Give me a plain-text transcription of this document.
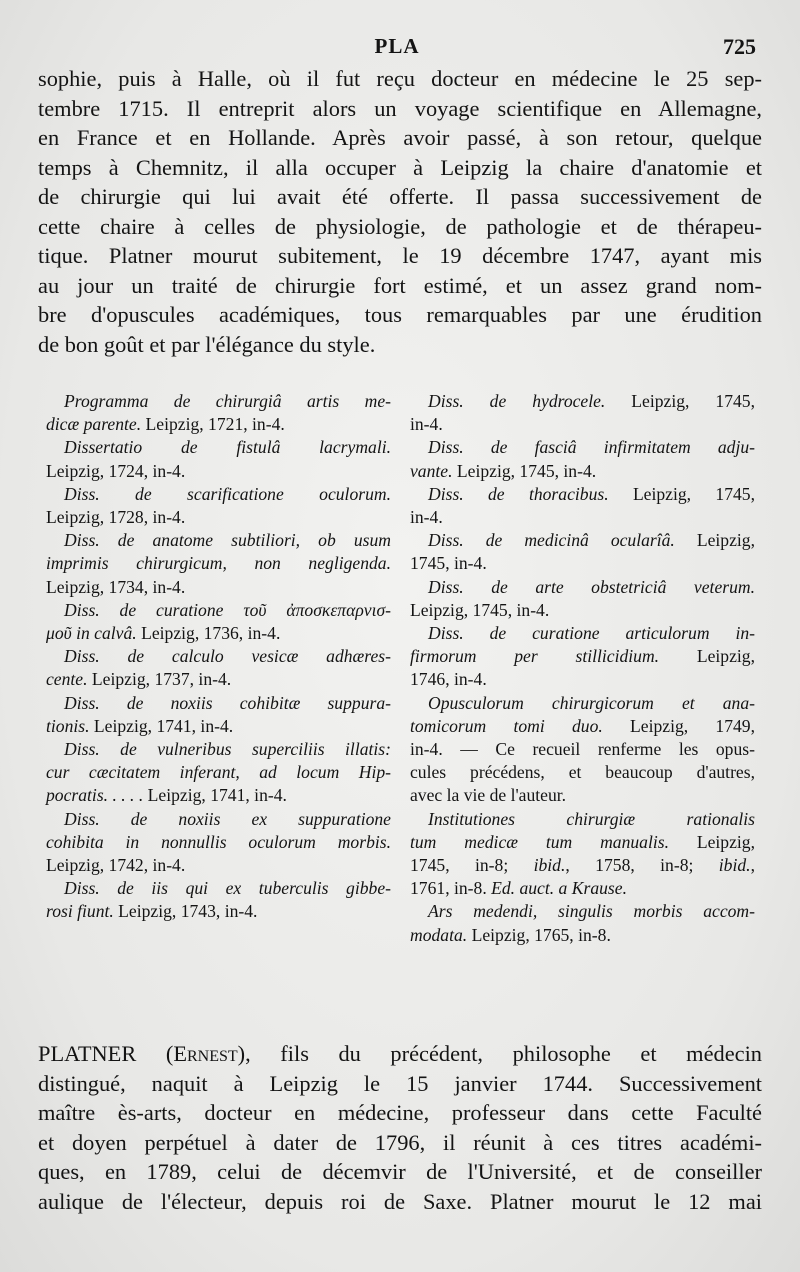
PLA	725
sophie, puis à Halle, où il fut reçu docteur en médecine le 25 sep-
tembre 1715. Il entreprit alors un voyage scientifique en Allemagne,
en France et en Hollande. Après avoir passé, à son retour, quelque
temps à Chemnitz, il alla occuper à Leipzig la chaire d'anatomie et
de chirurgie qui lui avait été offerte. Il passa successivement de
cette chaire à celles de physiologie, de pathologie et de thérapeu-
tique. Platner mourut subitement, le 19 décembre 1747, ayant mis
au jour un traité de chirurgie fort estimé, et un assez grand nom-
bre d'opuscules académiques, tous remarquables par une érudition
de bon goût et par l'élégance du style.
Programma de chirurgiâ artis me-
dicæ parente. Leipzig, 1721, in-4.
Dissertatio de fistulâ lacrymali.
Leipzig, 1724, in-4.
Diss. de scarificatione oculorum.
Leipzig, 1728, in-4.
Diss. de anatome subtiliori, ob usum
imprimis chirurgicum, non negligenda.
Leipzig, 1734, in-4.
Diss. de curatione τοῦ ἀποσκεπαρνισ-
μοῦ in calvâ. Leipzig, 1736, in-4.
Diss. de calculo vesicæ adhæres-
cente. Leipzig, 1737, in-4.
Diss. de noxiis cohibitæ suppura-
tionis. Leipzig, 1741, in-4.
Diss. de vulneribus superciliis illatis:
cur cæcitatem inferant, ad locum Hip-
pocratis. . . . . Leipzig, 1741, in-4.
Diss. de noxiis ex suppuratione
cohibita in nonnullis oculorum morbis.
Leipzig, 1742, in-4.
Diss. de iis qui ex tuberculis gibbe-
rosi fiunt. Leipzig, 1743, in-4.
Diss. de hydrocele. Leipzig, 1745,
in-4.
Diss. de fasciâ infirmitatem adju-
vante. Leipzig, 1745, in-4.
Diss. de thoracibus. Leipzig, 1745,
in-4.
Diss. de medicinâ ocularîâ. Leipzig,
1745, in-4.
Diss. de arte obstetriciâ veterum.
Leipzig, 1745, in-4.
Diss. de curatione articulorum in-
firmorum per stillicidium. Leipzig,
1746, in-4.
Opusculorum chirurgicorum et ana-
tomicorum tomi duo. Leipzig, 1749,
in-4. — Ce recueil renferme les opus-
cules précédens, et beaucoup d'autres,
avec la vie de l'auteur.
Institutiones chirurgiæ rationalis
tum medicæ tum manualis. Leipzig,
1745, in-8; ibid., 1758, in-8; ibid.,
1761, in-8. Ed. auct. a Krause.
Ars medendi, singulis morbis accom-
modata. Leipzig, 1765, in-8.
PLATNER (Ernest), fils du précédent, philosophe et médecin
distingué, naquit à Leipzig le 15 janvier 1744. Successivement
maître ès-arts, docteur en médecine, professeur dans cette Faculté
et doyen perpétuel à dater de 1796, il réunit à ces titres académi-
ques, en 1789, celui de décemvir de l'Université, et de conseiller
aulique de l'électeur, depuis roi de Saxe. Platner mourut le 12 mai
